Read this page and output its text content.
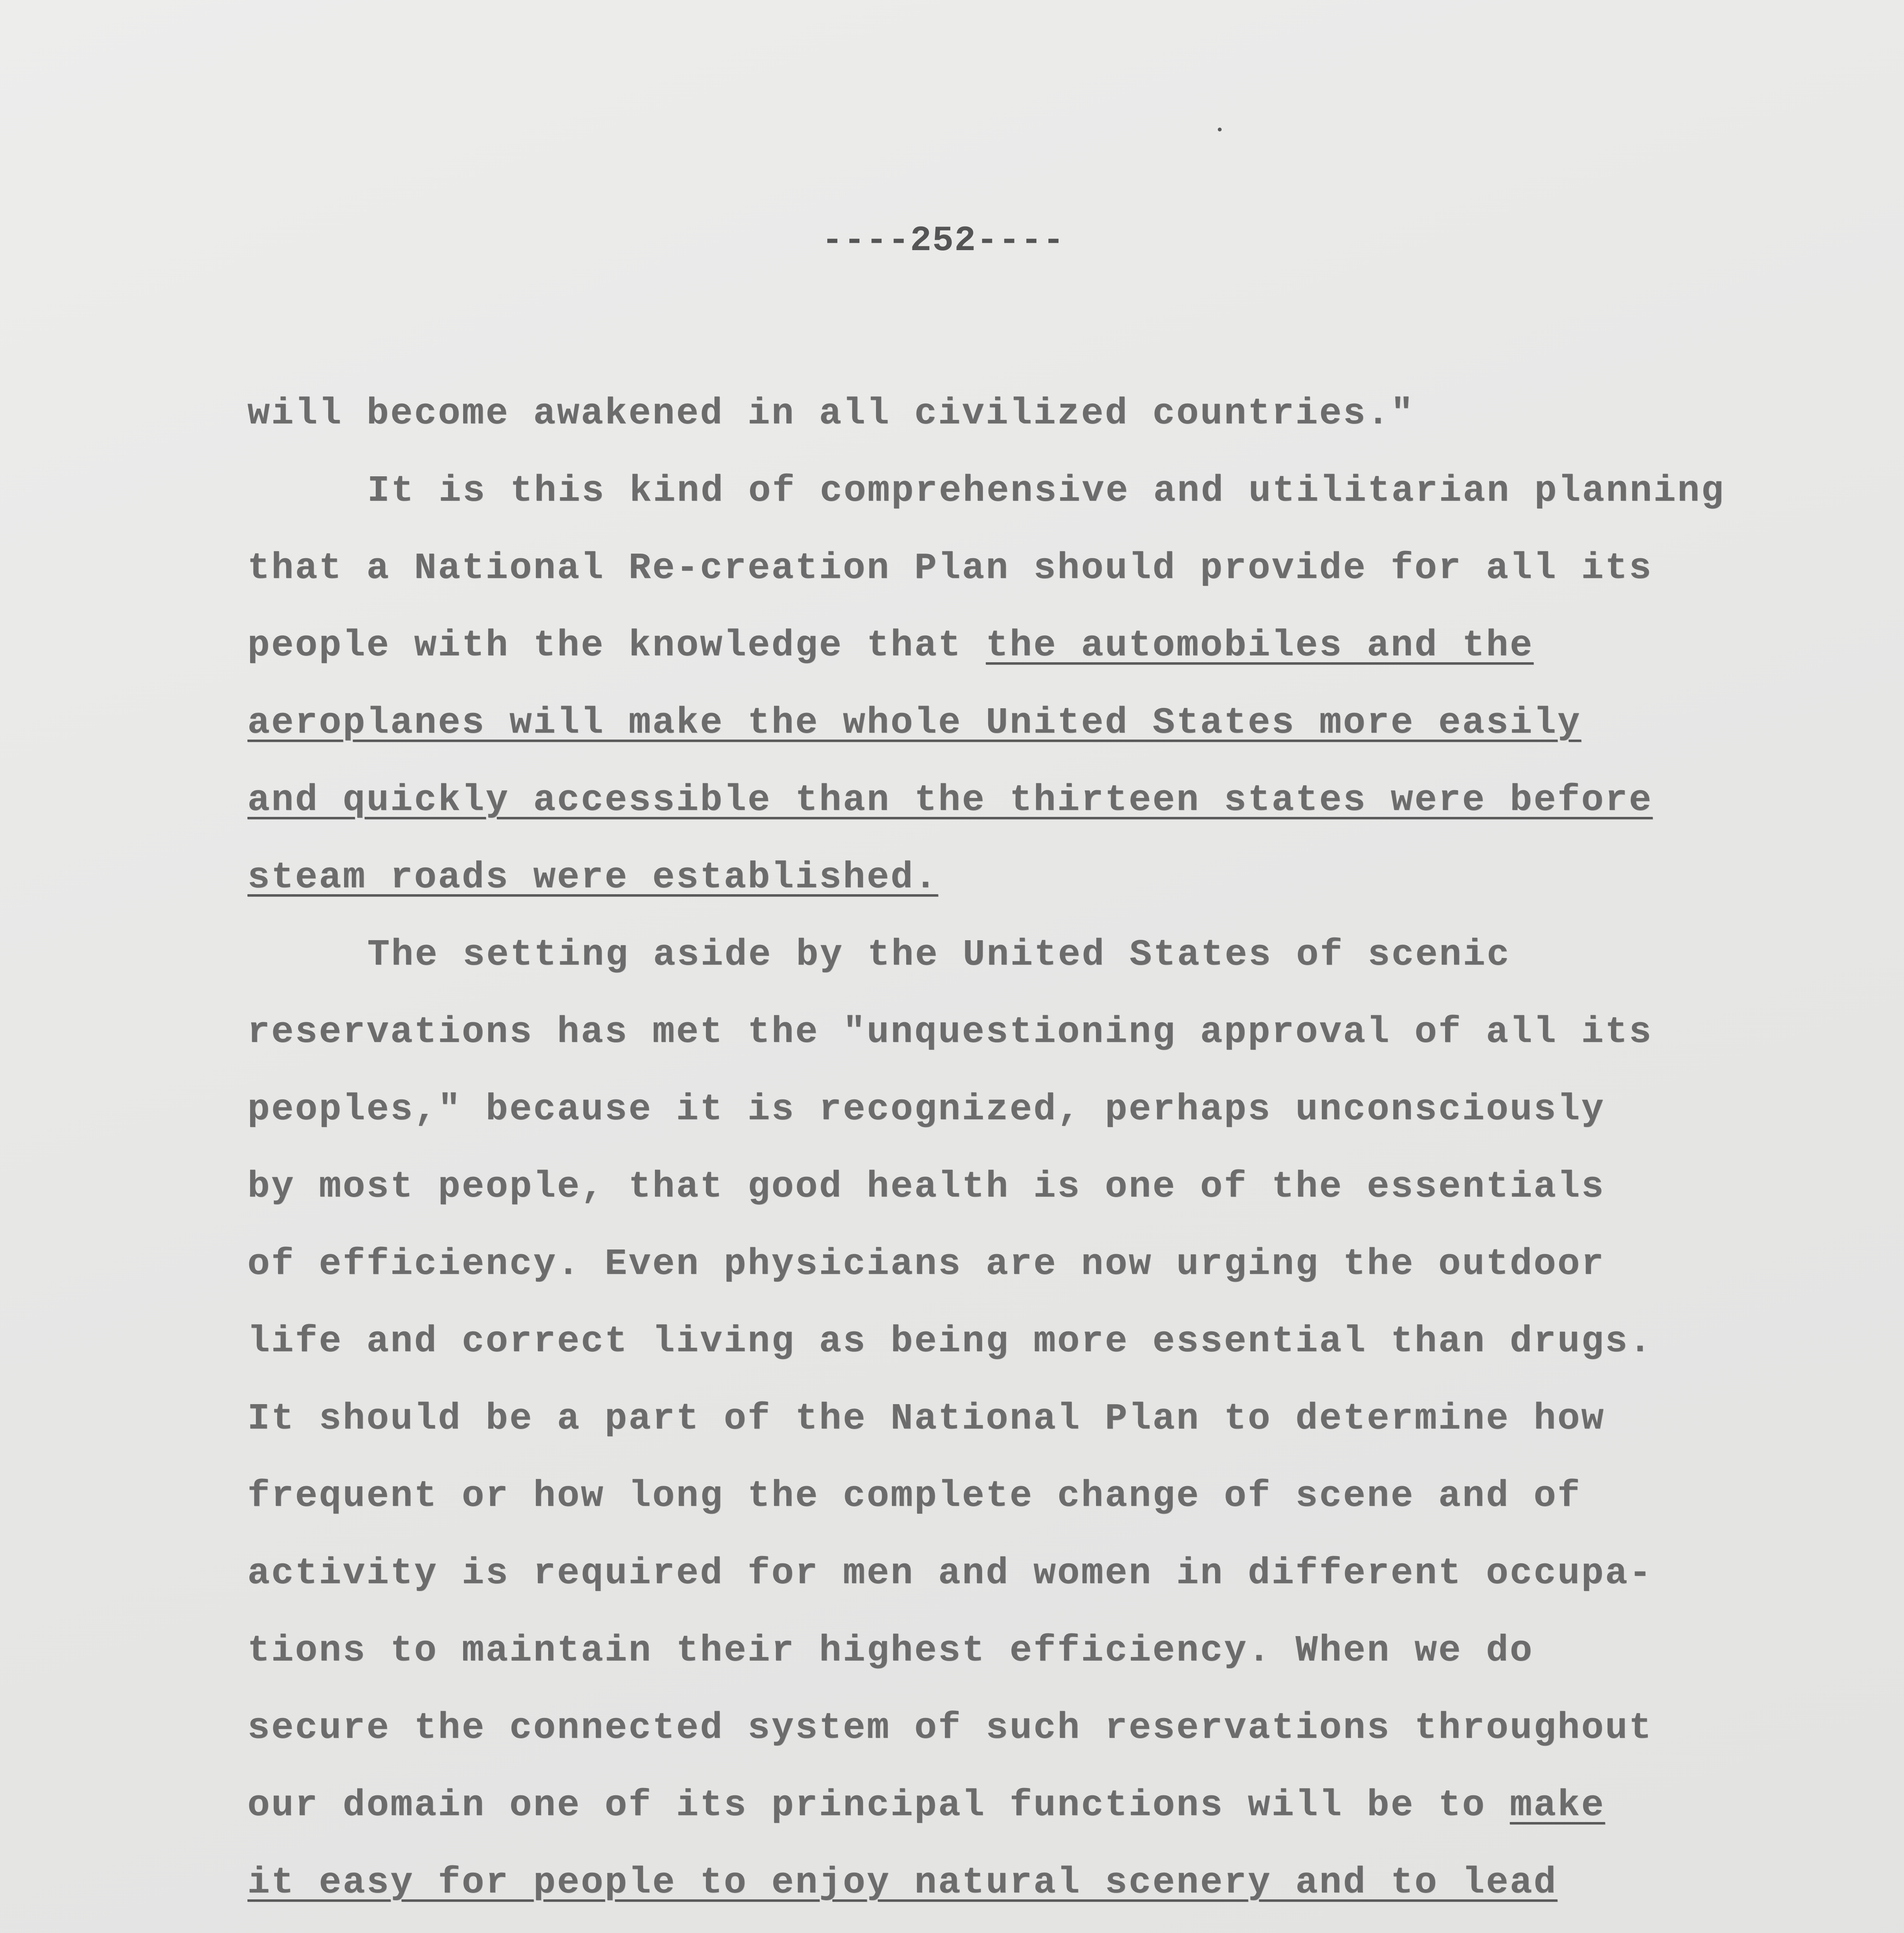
----252----
will become awakened in all civilized countries."
It is this kind of comprehensive and utilitarian planning
that a National Re-creation Plan should provide for all its
people with the knowledge that the automobiles and the
aeroplanes will make the whole United States more easily
and quickly accessible than the thirteen states were before
steam roads were established.
The setting aside by the United States of scenic
reservations has met the "unquestioning approval of all its
peoples," because it is recognized, perhaps unconsciously
by most people, that good health is one of the essentials
of efficiency. Even physicians are now urging the outdoor
life and correct living as being more essential than drugs.
It should be a part of the National Plan to determine how
frequent or how long the complete change of scene and of
activity is required for men and women in different occupa-
tions to maintain their highest efficiency. When we do
secure the connected system of such reservations throughout
our domain one of its principal functions will be to make
it easy for people to enjoy natural scenery and to lead
